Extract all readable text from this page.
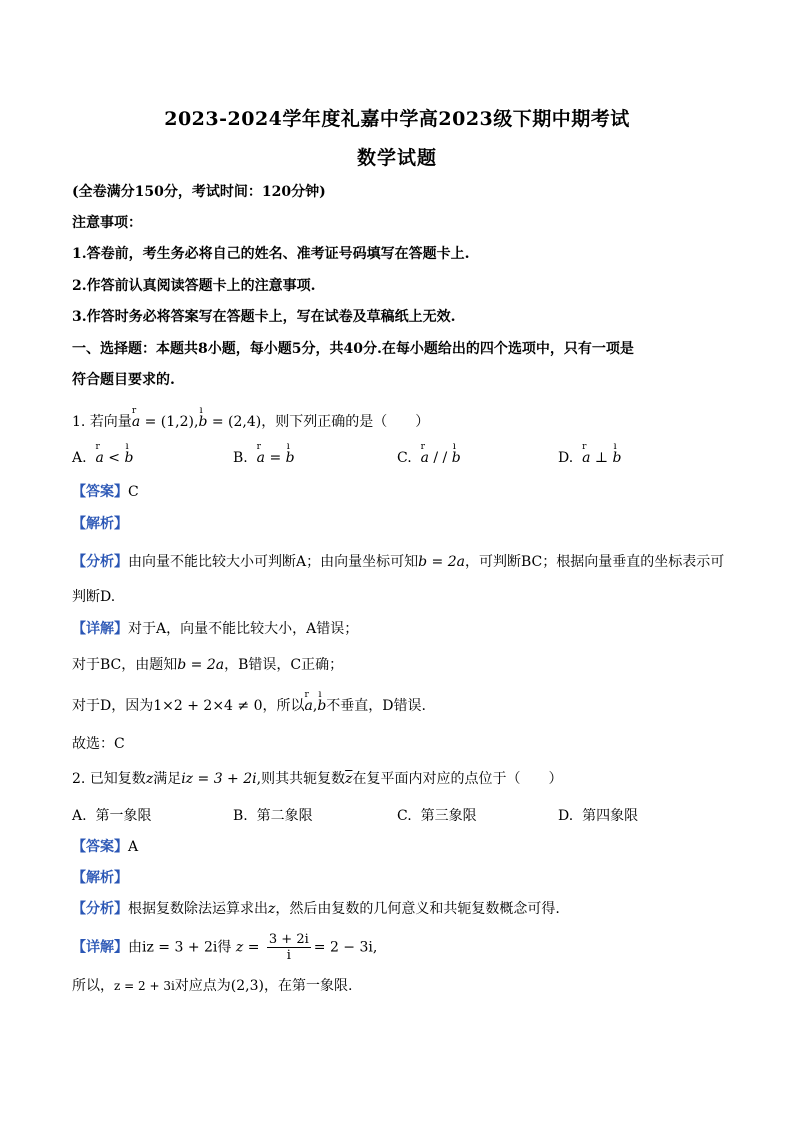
2023-2024学年度礼嘉中学高2023级下期中期考试
数学试题
(全卷满分150分，考试时间：120分钟)
注意事项：
1.答卷前，考生务必将自己的姓名、准考证号码填写在答题卡上.
2.作答前认真阅读答题卡上的注意事项.
3.作答时务必将答案写在答题卡上，写在试卷及草稿纸上无效.
一、选择题：本题共8小题，每小题5分，共40分.在每小题给出的四个选项中，只有一项是
符合题目要求的.
1. 若向量r a = (1,2),ı b = (2,4)，则下列正确的是（　　）
A. r a < ı b	B. r a = ı b	C. r a / / ı b	D. r a ⊥ ı b
【答案】C
【解析】
【分析】由向量不能比较大小可判断A；由向量坐标可知b = 2a，可判断BC；根据向量垂直的坐标表示可
判断D.
【详解】对于A，向量不能比较大小，A错误；
对于BC，由题知b = 2a，B错误，C正确；
对于D，因为1×2 + 2×4 ≠ 0，所以r a,ı b不垂直，D错误.
故选：C
2. 已知复数z满足iz = 3 + 2i,则其共轭复数$\overline{z}$在复平面内对应的点位于（　　）
A. 第一象限	B. 第二象限	C. 第三象限	D. 第四象限
【答案】A
【解析】
【分析】根据复数除法运算求出z，然后由复数的几何意义和共轭复数概念可得.
【详解】由iz = 3 + 2i得 $z = \frac{3 + 2i}{i} = 2 - 3i$,
所以，z = 2 + 3i对应点为(2,3)，在第一象限.
